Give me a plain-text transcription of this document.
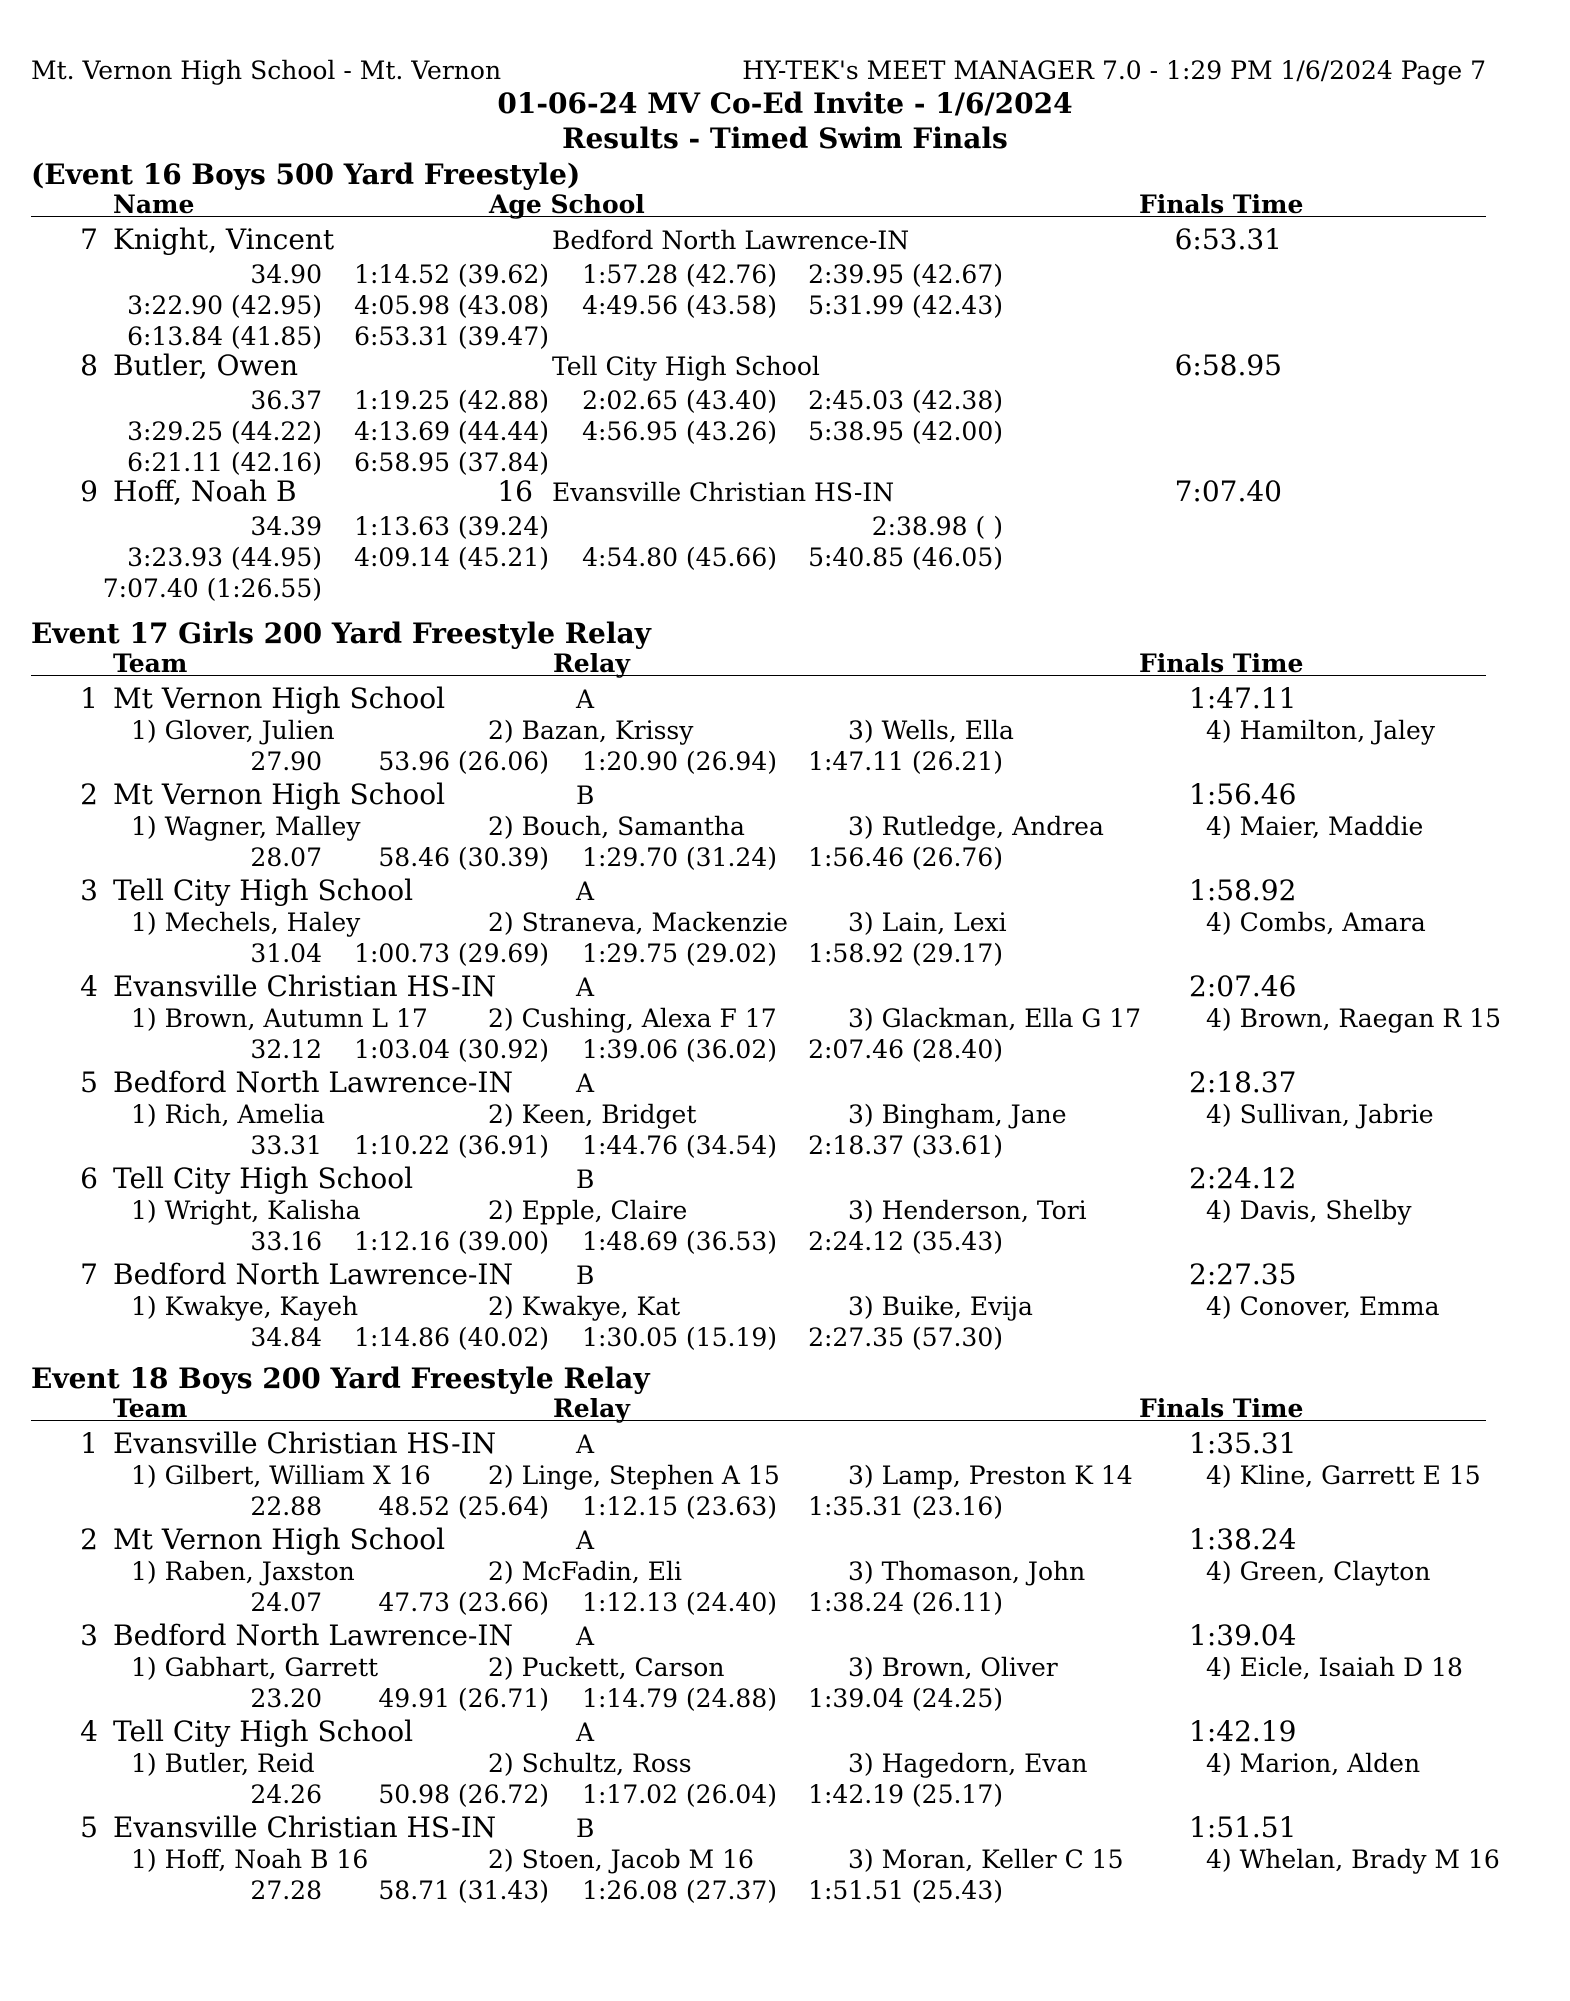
Mt. Vernon High School - Mt. Vernon	HY-TEK's MEET MANAGER 7.0 - 1:29 PM 1/6/2024 Page 7
01-06-24 MV Co-Ed Invite - 1/6/2024
Results - Timed Swim Finals
(Event 16 Boys 500 Yard Freestyle)
Name	Age School	Finals Time
7 Knight, Vincent	Bedford North Lawrence-IN	6:53.31
34.90 1:14.52 (39.62) 1:57.28 (42.76) 2:39.95 (42.67)
3:22.90 (42.95) 4:05.98 (43.08) 4:49.56 (43.58) 5:31.99 (42.43)
6:13.84 (41.85) 6:53.31 (39.47)
8 Butler, Owen	Tell City High School	6:58.95
36.37 1:19.25 (42.88) 2:02.65 (43.40) 2:45.03 (42.38)
3:29.25 (44.22) 4:13.69 (44.44) 4:56.95 (43.26) 5:38.95 (42.00)
6:21.11 (42.16) 6:58.95 (37.84)
9 Hoff, Noah B	16 Evansville Christian HS-IN	7:07.40
34.39 1:13.63 (39.24)	2:38.98 ( )
3:23.93 (44.95) 4:09.14 (45.21) 4:54.80 (45.66) 5:40.85 (46.05)
7:07.40 (1:26.55)
Event 17 Girls 200 Yard Freestyle Relay
Team	Relay	Finals Time
1 Mt Vernon High School	A	1:47.11
1) Glover, Julien	2) Bazan, Krissy	3) Wells, Ella	4) Hamilton, Jaley
27.90 53.96 (26.06) 1:20.90 (26.94) 1:47.11 (26.21)
2 Mt Vernon High School	B	1:56.46
1) Wagner, Malley	2) Bouch, Samantha	3) Rutledge, Andrea	4) Maier, Maddie
28.07 58.46 (30.39) 1:29.70 (31.24) 1:56.46 (26.76)
3 Tell City High School	A	1:58.92
1) Mechels, Haley	2) Straneva, Mackenzie 3) Lain, Lexi	4) Combs, Amara
31.04 1:00.73 (29.69) 1:29.75 (29.02) 1:58.92 (29.17)
4 Evansville Christian HS-IN	A	2:07.46
1) Brown, Autumn L 17 2) Cushing, Alexa F 17	3) Glackman, Ella G 17	4) Brown, Raegan R 15
32.12 1:03.04 (30.92) 1:39.06 (36.02) 2:07.46 (28.40)
5 Bedford North Lawrence-IN	A	2:18.37
1) Rich, Amelia	2) Keen, Bridget	3) Bingham, Jane	4) Sullivan, Jabrie
33.31 1:10.22 (36.91) 1:44.76 (34.54) 2:18.37 (33.61)
6 Tell City High School	B	2:24.12
1) Wright, Kalisha	2) Epple, Claire	3) Henderson, Tori	4) Davis, Shelby
33.16 1:12.16 (39.00) 1:48.69 (36.53) 2:24.12 (35.43)
7 Bedford North Lawrence-IN	B	2:27.35
1) Kwakye, Kayeh	2) Kwakye, Kat	3) Buike, Evija	4) Conover, Emma
34.84 1:14.86 (40.02) 1:30.05 (15.19) 2:27.35 (57.30)
Event 18 Boys 200 Yard Freestyle Relay
Team	Relay	Finals Time
1 Evansville Christian HS-IN	A	1:35.31
1) Gilbert, William X 16 2) Linge, Stephen A 15	3) Lamp, Preston K 14	4) Kline, Garrett E 15
22.88 48.52 (25.64) 1:12.15 (23.63) 1:35.31 (23.16)
2 Mt Vernon High School	A	1:38.24
1) Raben, Jaxston	2) McFadin, Eli	3) Thomason, John	4) Green, Clayton
24.07 47.73 (23.66) 1:12.13 (24.40) 1:38.24 (26.11)
3 Bedford North Lawrence-IN	A	1:39.04
1) Gabhart, Garrett	2) Puckett, Carson	3) Brown, Oliver	4) Eicle, Isaiah D 18
23.20 49.91 (26.71) 1:14.79 (24.88) 1:39.04 (24.25)
4 Tell City High School	A	1:42.19
1) Butler, Reid	2) Schultz, Ross	3) Hagedorn, Evan	4) Marion, Alden
24.26 50.98 (26.72) 1:17.02 (26.04) 1:42.19 (25.17)
5 Evansville Christian HS-IN	B	1:51.51
1) Hoff, Noah B 16	2) Stoen, Jacob M 16	3) Moran, Keller C 15	4) Whelan, Brady M 16
27.28 58.71 (31.43) 1:26.08 (27.37) 1:51.51 (25.43)
